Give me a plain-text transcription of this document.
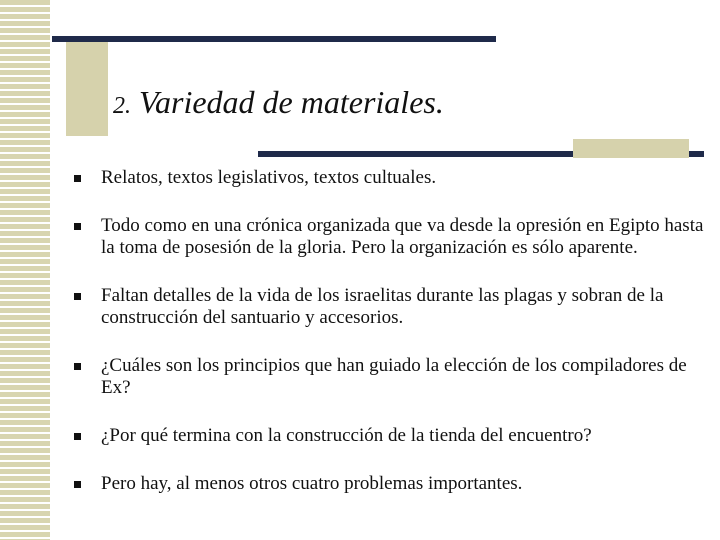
2. Variedad de materiales.
Relatos, textos legislativos, textos cultuales.
Todo como en una crónica organizada que va desde la opresión en Egipto hasta la toma de posesión de la gloria. Pero la organización es sólo aparente.
Faltan detalles de la vida de los israelitas durante las plagas y sobran de la construcción del santuario y accesorios.
¿Cuáles son los principios que han guiado la elección de los compiladores de Ex?
¿Por qué termina con la construcción de la tienda del encuentro?
Pero hay, al menos otros cuatro problemas importantes.
